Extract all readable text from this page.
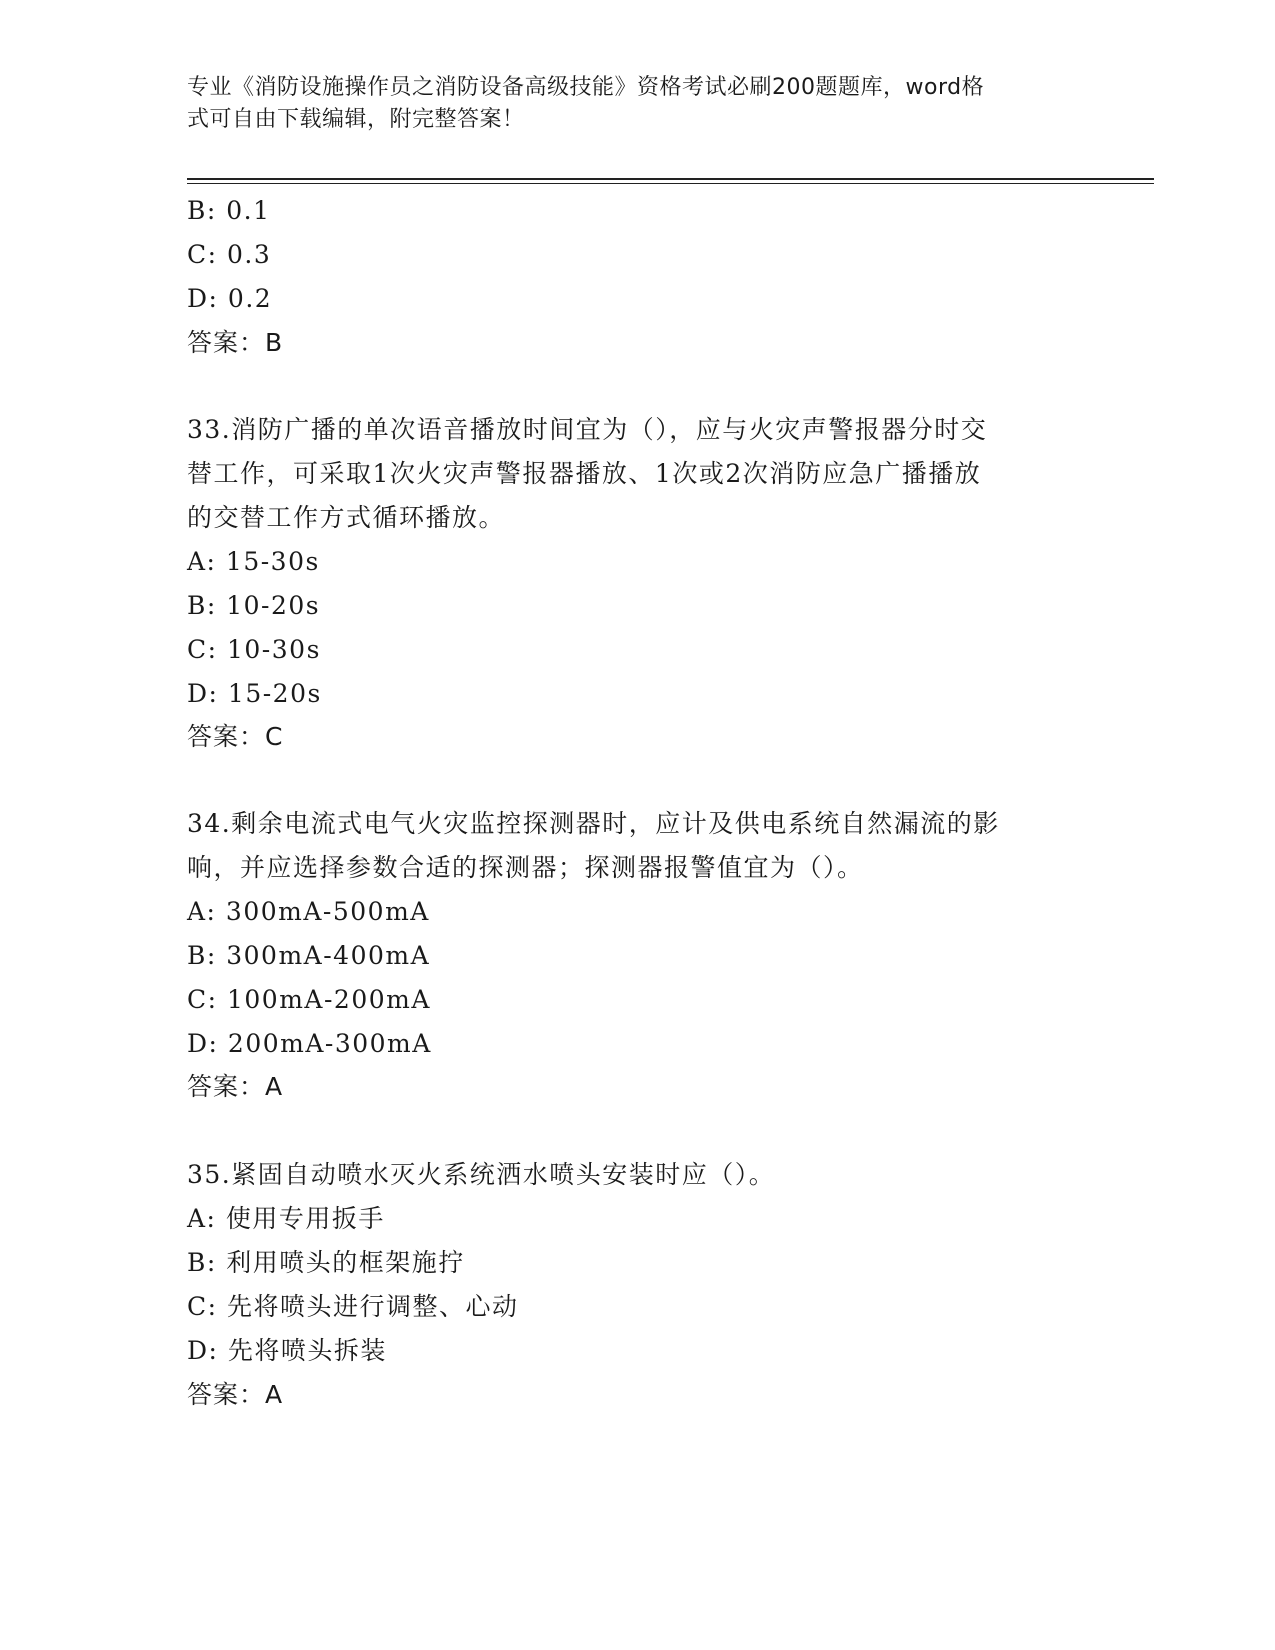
专业《消防设施操作员之消防设备高级技能》资格考试必刷200题题库，word格
式可自由下载编辑，附完整答案！
B: 0.1
C: 0.3
D: 0.2
答案：B
33.消防广播的单次语音播放时间宜为（），应与火灾声警报器分时交
替工作，可采取1次火灾声警报器播放、1次或2次消防应急广播播放
的交替工作方式循环播放。
A: 15-30s
B: 10-20s
C: 10-30s
D: 15-20s
答案：C
34.剩余电流式电气火灾监控探测器时，应计及供电系统自然漏流的影
响，并应选择参数合适的探测器；探测器报警值宜为（）。
A: 300mA-500mA
B: 300mA-400mA
C: 100mA-200mA
D: 200mA-300mA
答案：A
35.紧固自动喷水灭火系统洒水喷头安装时应（）。
A: 使用专用扳手
B: 利用喷头的框架施拧
C: 先将喷头进行调整、心动
D: 先将喷头拆装
答案：A
